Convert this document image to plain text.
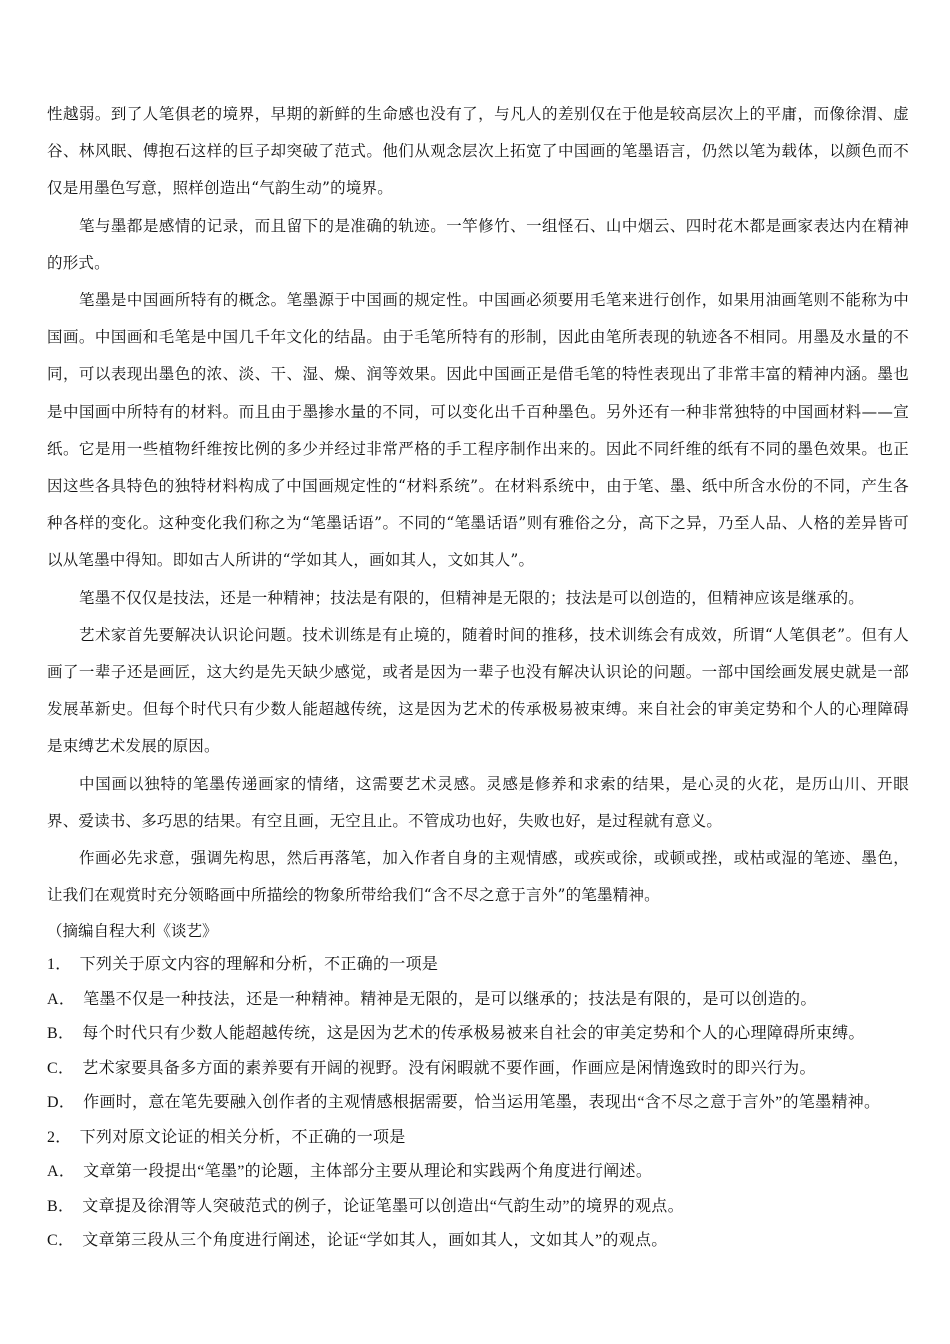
性越弱。到了人笔俱老的境界，早期的新鲜的生命感也没有了，与凡人的差别仅在于他是较高层次上的平庸，而像徐渭、虚谷、林风眠、傅抱石这样的巨子却突破了范式。他们从观念层次上拓宽了中国画的笔墨语言，仍然以笔为载体，以颜色而不仅是用墨色写意，照样创造出“气韵生动”的境界。

笔与墨都是感情的记录，而且留下的是准确的轨迹。一竿修竹、一组怪石、山中烟云、四时花木都是画家表达内在精神的形式。

笔墨是中国画所特有的概念。笔墨源于中国画的规定性。中国画必须要用毛笔来进行创作，如果用油画笔则不能称为中国画。中国画和毛笔是中国几千年文化的结晶。由于毛笔所特有的形制，因此由笔所表现的轨迹各不相同。用墨及水量的不同，可以表现出墨色的浓、淡、干、湿、燥、润等效果。因此中国画正是借毛笔的特性表现出了非常丰富的精神内涵。墨也是中国画中所特有的材料。而且由于墨掺水量的不同，可以变化出千百种墨色。另外还有一种非常独特的中国画材料——宣纸。它是用一些植物纤维按比例的多少并经过非常严格的手工程序制作出来的。因此不同纤维的纸有不同的墨色效果。也正因这些各具特色的独特材料构成了中国画规定性的“材料系统”。在材料系统中，由于笔、墨、纸中所含水份的不同，产生各种各样的变化。这种变化我们称之为“笔墨话语”。不同的“笔墨话语”则有雅俗之分，高下之异，乃至人品、人格的差异皆可以从笔墨中得知。即如古人所讲的“学如其人，画如其人，文如其人”。

笔墨不仅仅是技法，还是一种精神；技法是有限的，但精神是无限的；技法是可以创造的，但精神应该是继承的。

艺术家首先要解决认识论问题。技术训练是有止境的，随着时间的推移，技术训练会有成效，所谓“人笔俱老”。但有人画了一辈子还是画匠，这大约是先天缺少感觉，或者是因为一辈子也没有解决认识论的问题。一部中国绘画发展史就是一部发展革新史。但每个时代只有少数人能超越传统，这是因为艺术的传承极易被束缚。来自社会的审美定势和个人的心理障碍是束缚艺术发展的原因。

中国画以独特的笔墨传递画家的情绪，这需要艺术灵感。灵感是修养和求索的结果，是心灵的火花，是历山川、开眼界、爱读书、多巧思的结果。有空且画，无空且止。不管成功也好，失败也好，是过程就有意义。

作画必先求意，强调先构思，然后再落笔，加入作者自身的主观情感，或疾或徐，或顿或挫，或枯或湿的笔迹、墨色，让我们在观赏时充分领略画中所描绘的物象所带给我们“含不尽之意于言外”的笔墨精神。

（摘编自程大利《谈艺》

1． 下列关于原文内容的理解和分析，不正确的一项是

A． 笔墨不仅是一种技法，还是一种精神。精神是无限的，是可以继承的；技法是有限的，是可以创造的。

B． 每个时代只有少数人能超越传统，这是因为艺术的传承极易被来自社会的审美定势和个人的心理障碍所束缚。

C． 艺术家要具备多方面的素养要有开阔的视野。没有闲暇就不要作画，作画应是闲情逸致时的即兴行为。

D． 作画时，意在笔先要融入创作者的主观情感根据需要，恰当运用笔墨，表现出“含不尽之意于言外”的笔墨精神。

2． 下列对原文论证的相关分析，不正确的一项是

A． 文章第一段提出“笔墨”的论题，主体部分主要从理论和实践两个角度进行阐述。

B． 文章提及徐渭等人突破范式的例子，论证笔墨可以创造出“气韵生动”的境界的观点。

C． 文章第三段从三个角度进行阐述，论证“学如其人，画如其人，文如其人”的观点。
